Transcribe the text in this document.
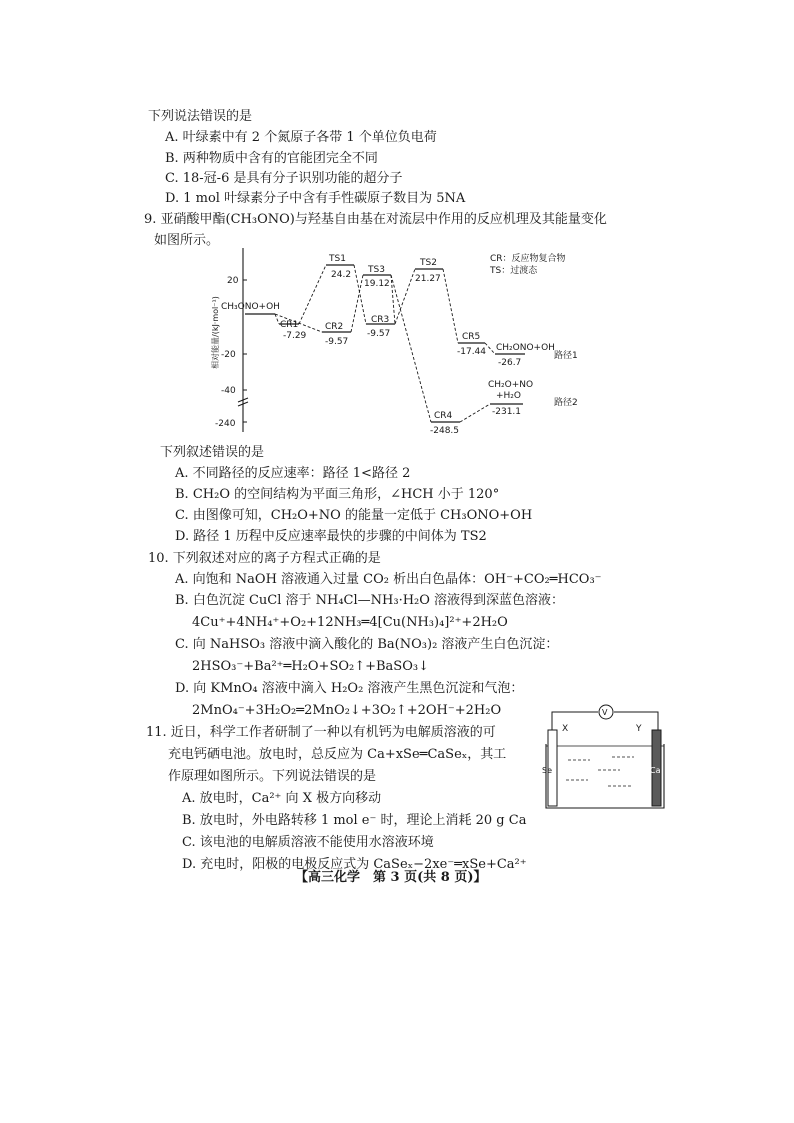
下列说法错误的是
A. 叶绿素中有 2 个氮原子各带 1 个单位负电荷
B. 两种物质中含有的官能团完全不同
C. 18-冠-6 是具有分子识别功能的超分子
D. 1 mol 叶绿素分子中含有手性碳原子数目为 5NA
9. 亚硝酸甲酯(CH₃ONO)与羟基自由基在对流层中作用的反应机理及其能量变化
如图所示。
20
-20
-40
-240
相对能量/(kJ·mol⁻¹)
CR：反应物复合物
TS：过渡态
CH₃ONO+OH
CR1
-7.29
TS1
24.2
CR2
-9.57
TS3
19.12
CR3
-9.57
TS2
21.27
CR5
-17.44 CH₂ONO+OH
-26.7
路径1
CR4
-248.5
CH₂O+NO
+H₂O
-231.1
路径2
下列叙述错误的是
A. 不同路径的反应速率：路径 1<路径 2
B. CH₂O 的空间结构为平面三角形，∠HCH 小于 120°
C. 由图像可知，CH₂O+NO 的能量一定低于 CH₃ONO+OH
D. 路径 1 历程中反应速率最快的步骤的中间体为 TS2
10. 下列叙述对应的离子方程式正确的是
A. 向饱和 NaOH 溶液通入过量 CO₂ 析出白色晶体：OH⁻+CO₂═HCO₃⁻
B. 白色沉淀 CuCl 溶于 NH₄Cl—NH₃·H₂O 溶液得到深蓝色溶液：
4Cu⁺+4NH₄⁺+O₂+12NH₃═4[Cu(NH₃)₄]²⁺+2H₂O
C. 向 NaHSO₃ 溶液中滴入酸化的 Ba(NO₃)₂ 溶液产生白色沉淀：
2HSO₃⁻+Ba²⁺═H₂O+SO₂↑+BaSO₃↓
D. 向 KMnO₄ 溶液中滴入 H₂O₂ 溶液产生黑色沉淀和气泡：
2MnO₄⁻+3H₂O₂═2MnO₂↓+3O₂↑+2OH⁻+2H₂O
11. 近日，科学工作者研制了一种以有机钙为电解质溶液的可
充电钙硒电池。放电时，总反应为 Ca+xSe═CaSeₓ，其工
作原理如图所示。下列说法错误的是
A. 放电时，Ca²⁺ 向 X 极方向移动
B. 放电时，外电路转移 1 mol e⁻ 时，理论上消耗 20 g Ca
C. 该电池的电解质溶液不能使用水溶液环境
D. 充电时，阳极的电极反应式为 CaSeₓ−2xe⁻═xSe+Ca²⁺
V
X	Y
Se	Ca
【高三化学　第 3 页(共 8 页)】
